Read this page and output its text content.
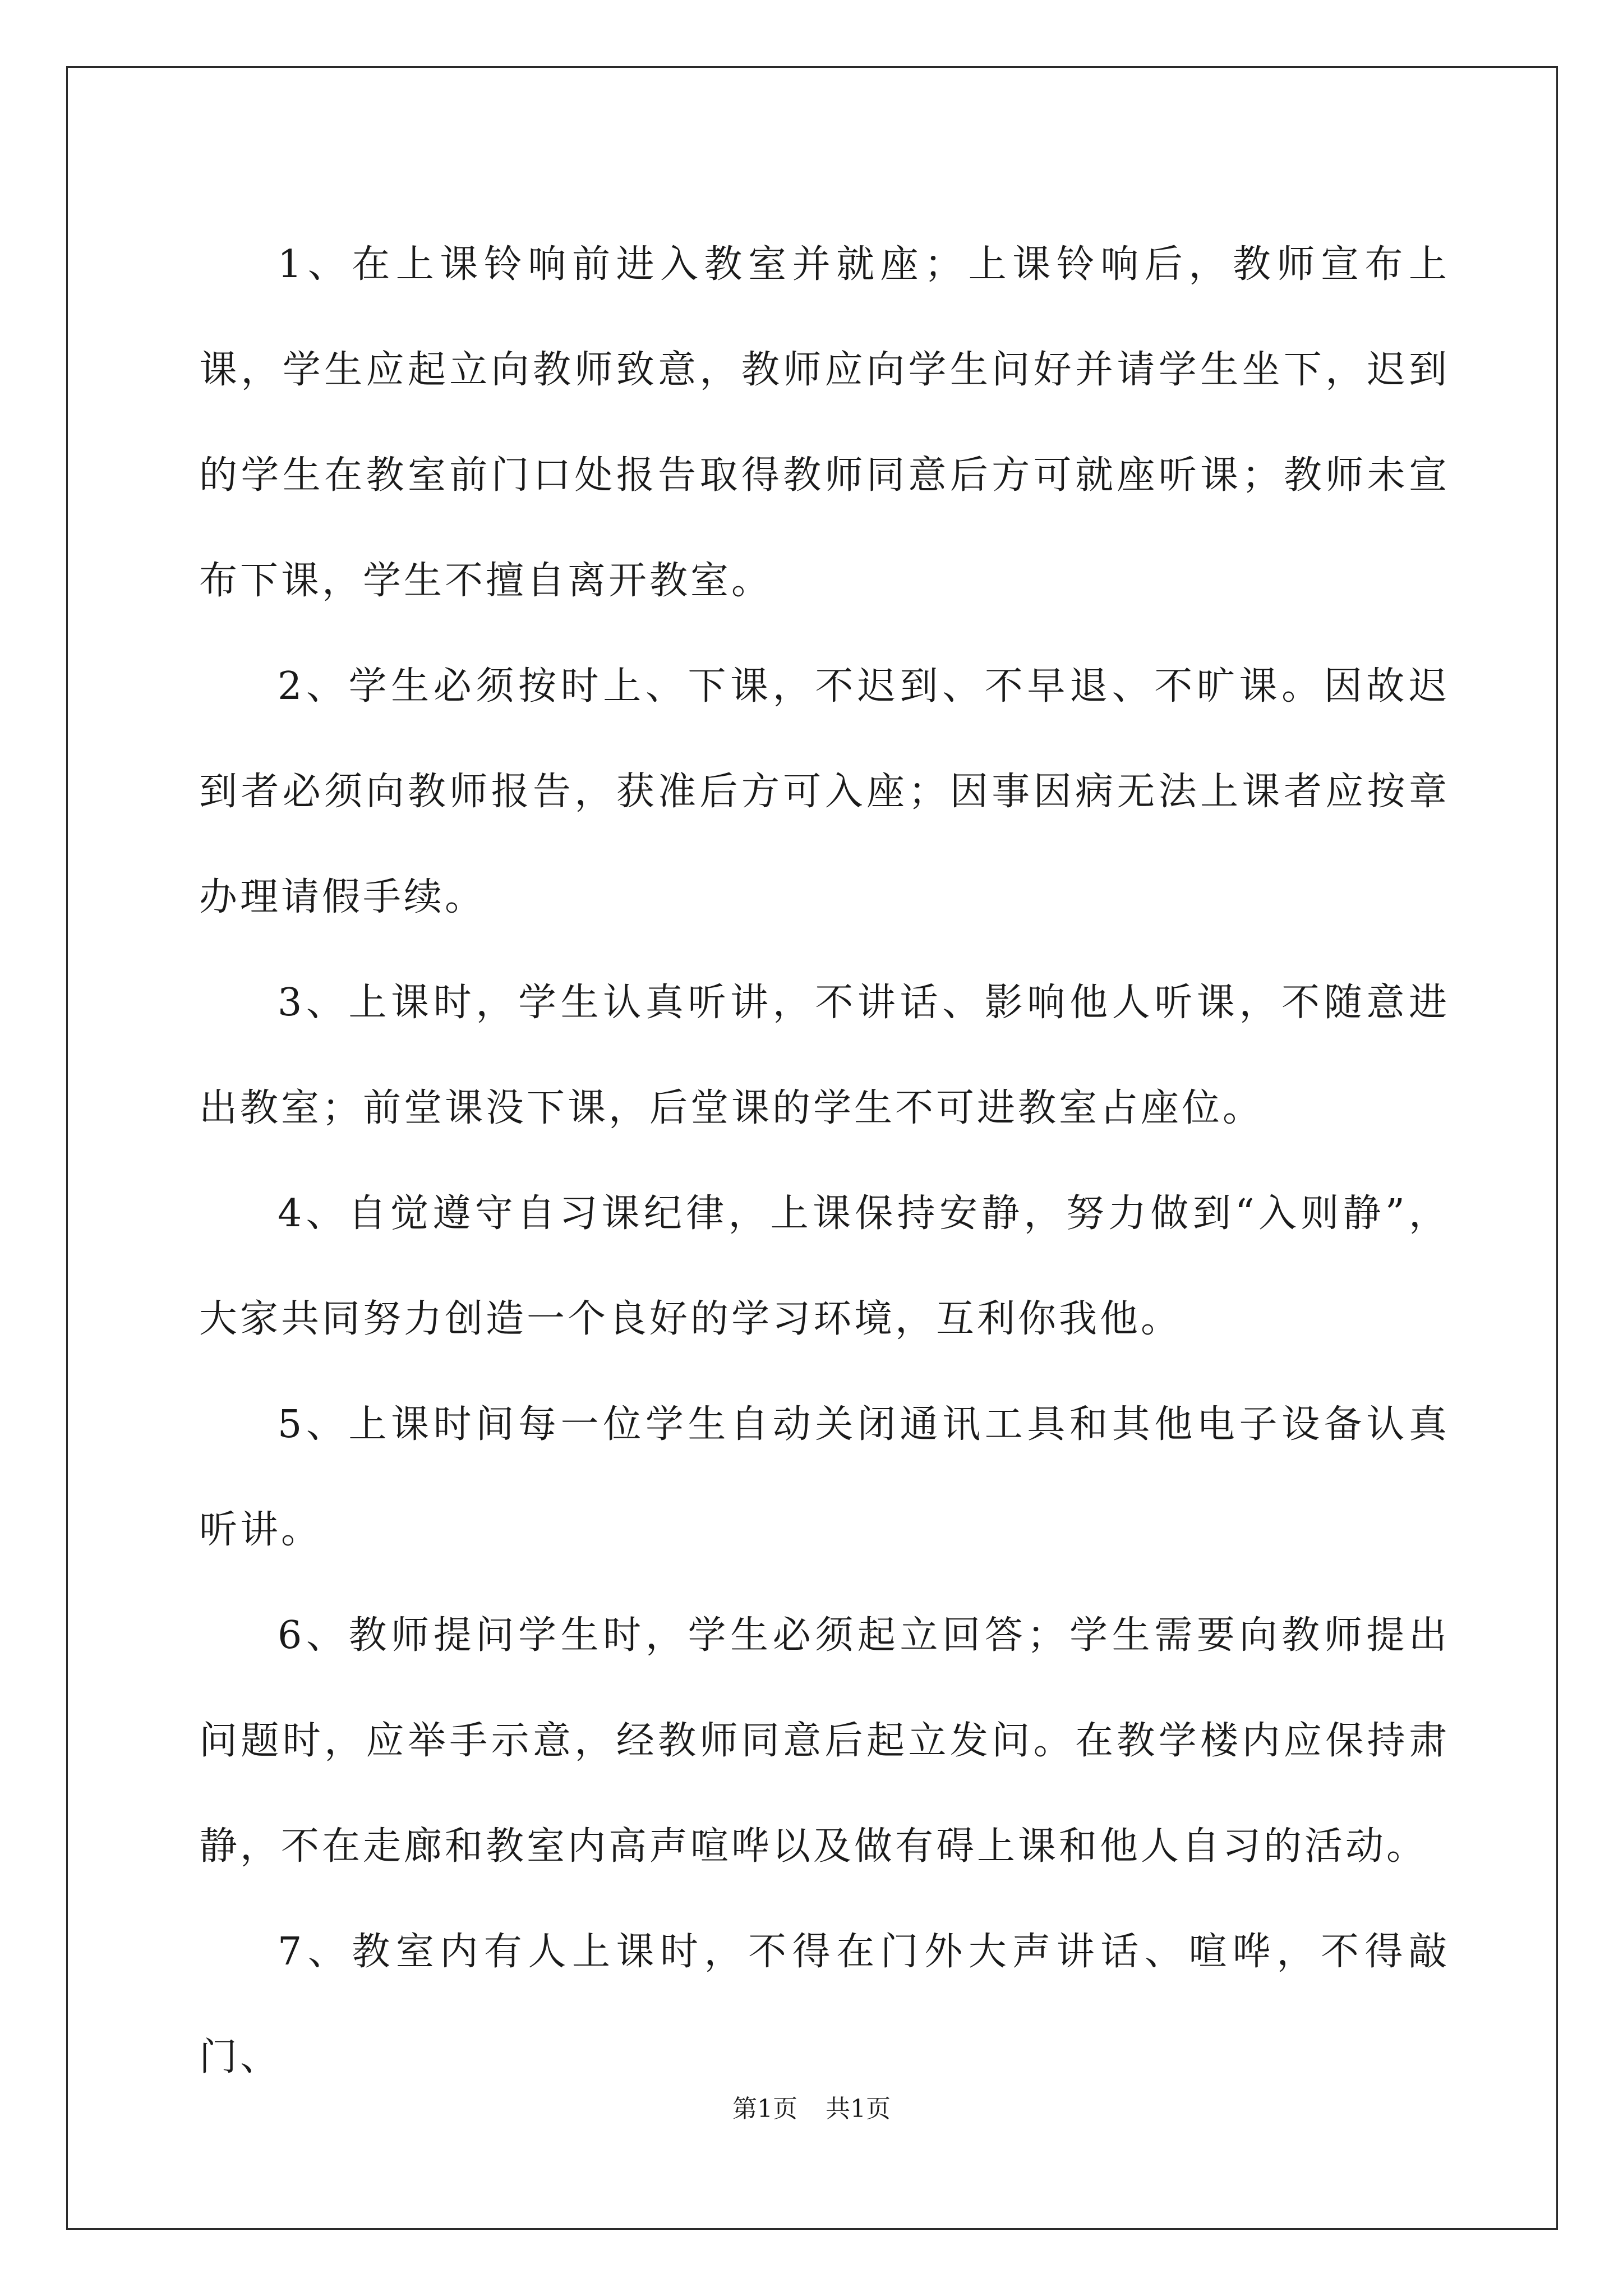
1、在上课铃响前进入教室并就座；上课铃响后，教师宣布上课，学生应起立向教师致意，教师应向学生问好并请学生坐下，迟到的学生在教室前门口处报告取得教师同意后方可就座听课；教师未宣布下课，学生不擅自离开教室。

2、学生必须按时上、下课，不迟到、不早退、不旷课。因故迟到者必须向教师报告，获准后方可入座；因事因病无法上课者应按章办理请假手续。

3、上课时，学生认真听讲，不讲话、影响他人听课，不随意进出教室；前堂课没下课，后堂课的学生不可进教室占座位。

4、自觉遵守自习课纪律，上课保持安静，努力做到“入则静”，大家共同努力创造一个良好的学习环境，互利你我他。

5、上课时间每一位学生自动关闭通讯工具和其他电子设备认真听讲。

6、教师提问学生时，学生必须起立回答；学生需要向教师提出问题时，应举手示意，经教师同意后起立发问。在教学楼内应保持肃静，不在走廊和教室内高声喧哗以及做有碍上课和他人自习的活动。

7、教室内有人上课时，不得在门外大声讲话、喧哗，不得敲门、

第1页 共1页
